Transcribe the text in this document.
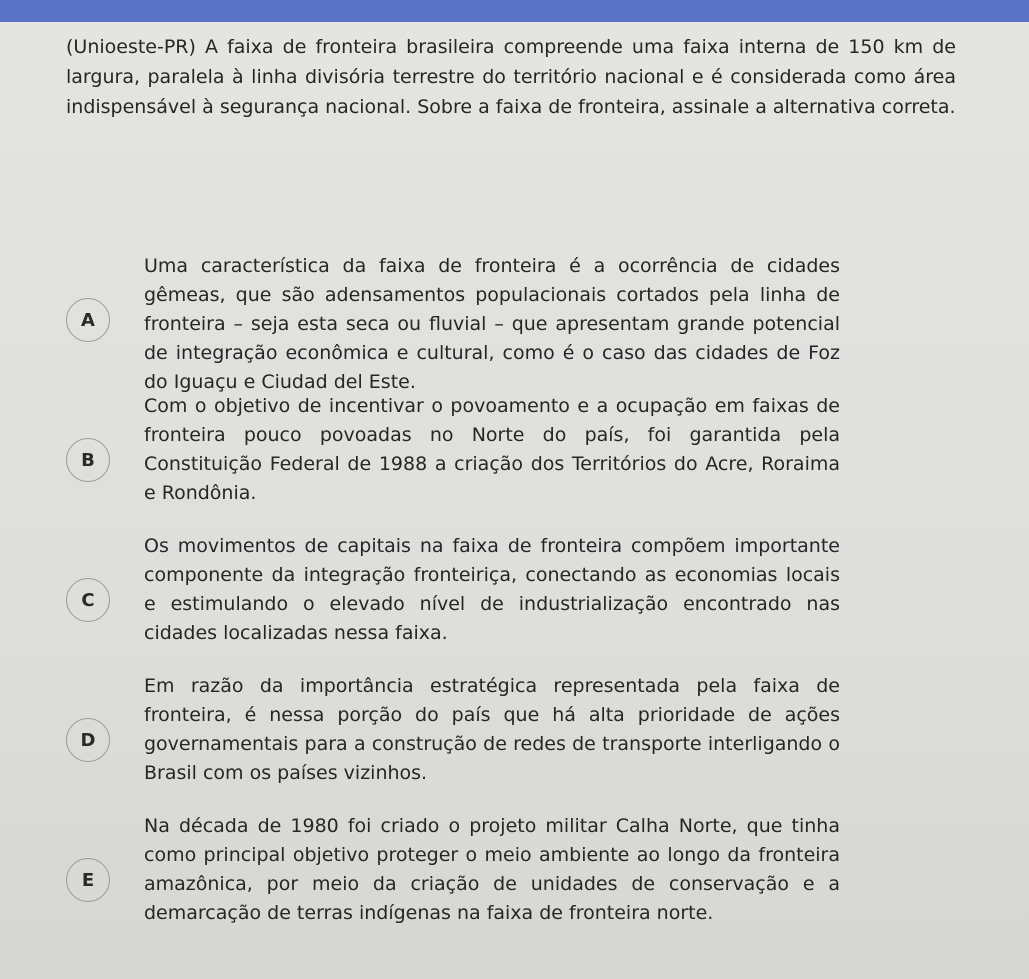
(Unioeste-PR) A faixa de fronteira brasileira compreende uma faixa interna de 150 km de largura, paralela à linha divisória terrestre do território nacional e é considerada como área indispensável à segurança nacional. Sobre a faixa de fronteira, assinale a alternativa correta.
A
Uma característica da faixa de fronteira é a ocorrência de cidades gêmeas, que são adensamentos populacionais cortados pela linha de fronteira – seja esta seca ou fluvial – que apresentam grande potencial de integração econômica e cultural, como é o caso das cidades de Foz do Iguaçu e Ciudad del Este.
B
Com o objetivo de incentivar o povoamento e a ocupação em faixas de fronteira pouco povoadas no Norte do país, foi garantida pela Constituição Federal de 1988 a criação dos Territórios do Acre, Roraima e Rondônia.
C
Os movimentos de capitais na faixa de fronteira compõem importante componente da integração fronteiriça, conectando as economias locais e estimulando o elevado nível de industrialização encontrado nas cidades localizadas nessa faixa.
D
Em razão da importância estratégica representada pela faixa de fronteira, é nessa porção do país que há alta prioridade de ações governamentais para a construção de redes de transporte interligando o Brasil com os países vizinhos.
E
Na década de 1980 foi criado o projeto militar Calha Norte, que tinha como principal objetivo proteger o meio ambiente ao longo da fronteira amazônica, por meio da criação de unidades de conservação e a demarcação de terras indígenas na faixa de fronteira norte.
